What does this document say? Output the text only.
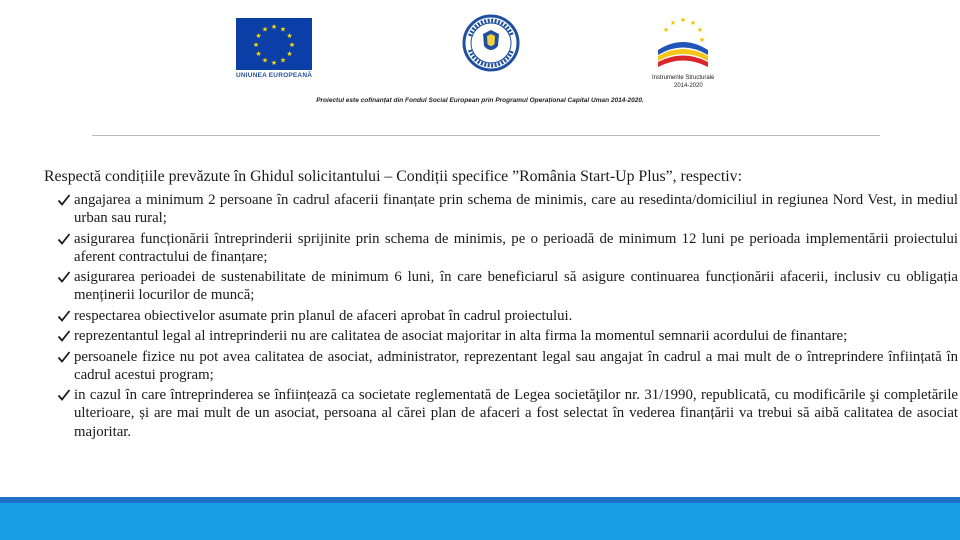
★ ★
★
★
★
★
★
★
★
★
★
★
UNIUNEA EUROPEANĂ
★ ★
★
★
★
★
Instrumente Structurale
2014-2020
Proiectul este cofinanțat din Fondul Social European prin Programul Operațional Capital Uman 2014-2020.
Respectă condițiile prevăzute în Ghidul solicitantului – Condiții specifice ”România Start-Up Plus”, respectiv:
angajarea a minimum 2 persoane în cadrul afacerii finanțate prin schema de minimis, care au resedinta/domiciliul in regiunea Nord Vest, in mediul urban sau rural;
asigurarea funcționării întreprinderii sprijinite prin schema de minimis, pe o perioadă de minimum 12 luni pe perioada implementării proiectului aferent contractului de finanțare;
asigurarea perioadei de sustenabilitate de minimum 6 luni, în care beneficiarul să asigure continuarea funcționării afacerii, inclusiv cu obligația menținerii locurilor de muncă;
respectarea obiectivelor asumate prin planul de afaceri aprobat în cadrul proiectului.
reprezentantul legal al intreprinderii nu are calitatea de asociat majoritar in alta firma la momentul semnarii acordului de finantare;
persoanele fizice nu pot avea calitatea de asociat, administrator, reprezentant legal sau angajat în cadrul a mai mult de o întreprindere înființată în cadrul acestui program;
in cazul în care întreprinderea se înființează ca societate reglementată de Legea societăţilor nr. 31/1990, republicată, cu modificările şi completările ulterioare, și are mai mult de un asociat, persoana al cărei plan de afaceri a fost selectat în vederea finanțării va trebui să aibă calitatea de asociat majoritar.
